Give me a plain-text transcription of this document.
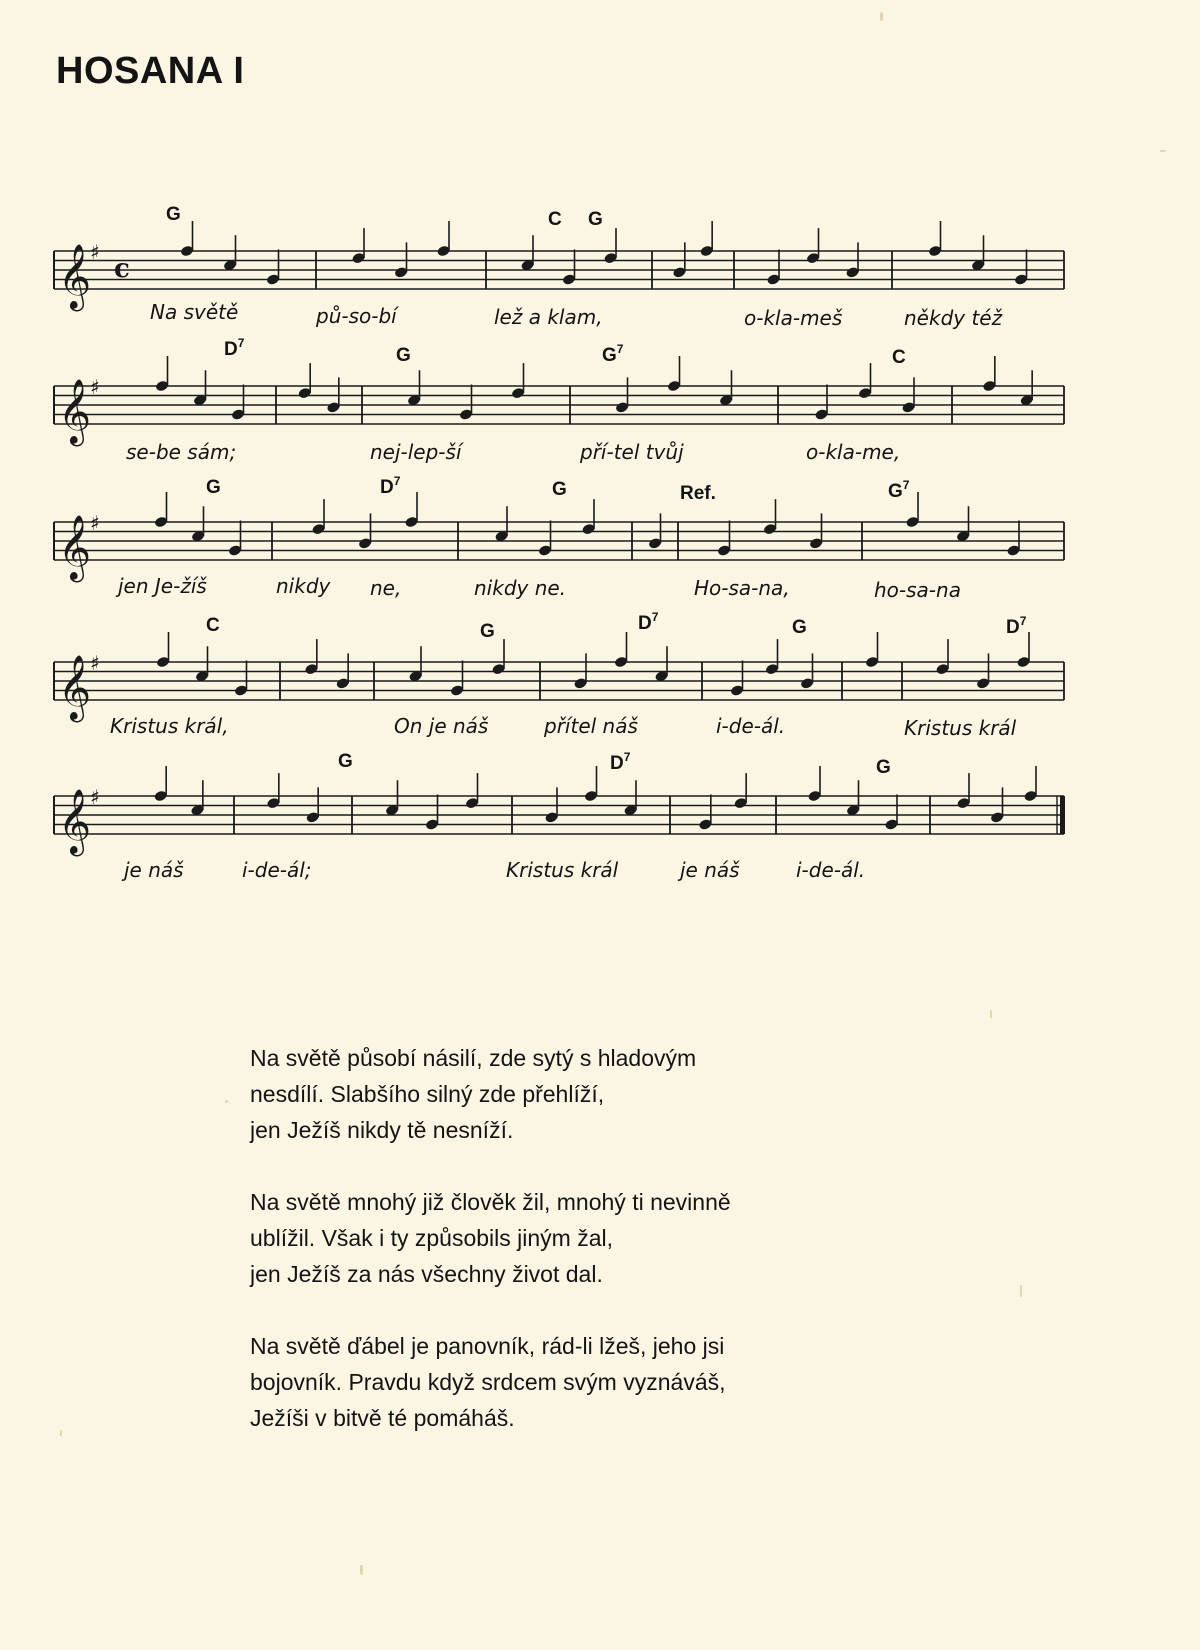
HOSANA I
G	C G
𝄞
♯
c
Na světě	pů-so-bí	lež a klam,	o-kla-meš	někdy též
$D^7$
G	$G^7$	C
𝄞
♯
se-be sám;	nej-lep-ší	pří-tel tvůj	o-kla-me,
G	$D^7$	G	Ref.	$G^7$
𝄞
♯
jen Je-žíš	nikdy ne,	nikdy ne.	Ho-sa-na,	ho-sa-na
C	G	$D^7$	G	$D^7$
𝄞
♯
Kristus král,	On je náš	přítel náš	i-de-ál.	Kristus král
G	$D^7$	G
𝄞
♯
je náš	i-de-ál;	Kristus král	je náš	i-de-ál.

Na světě působí násilí, zde sytý s hladovým
nesdílí. Slabšího silný zde přehlíží,
jen Ježíš nikdy tě nesníží.

Na světě mnohý již člověk žil, mnohý ti nevinně
ublížil. Však i ty způsobils jiným žal,
jen Ježíš za nás všechny život dal.

Na světě ďábel je panovník, rád-li lžeš, jeho jsi
bojovník. Pravdu když srdcem svým vyznáváš,
Ježíši v bitvě té pomáháš.
